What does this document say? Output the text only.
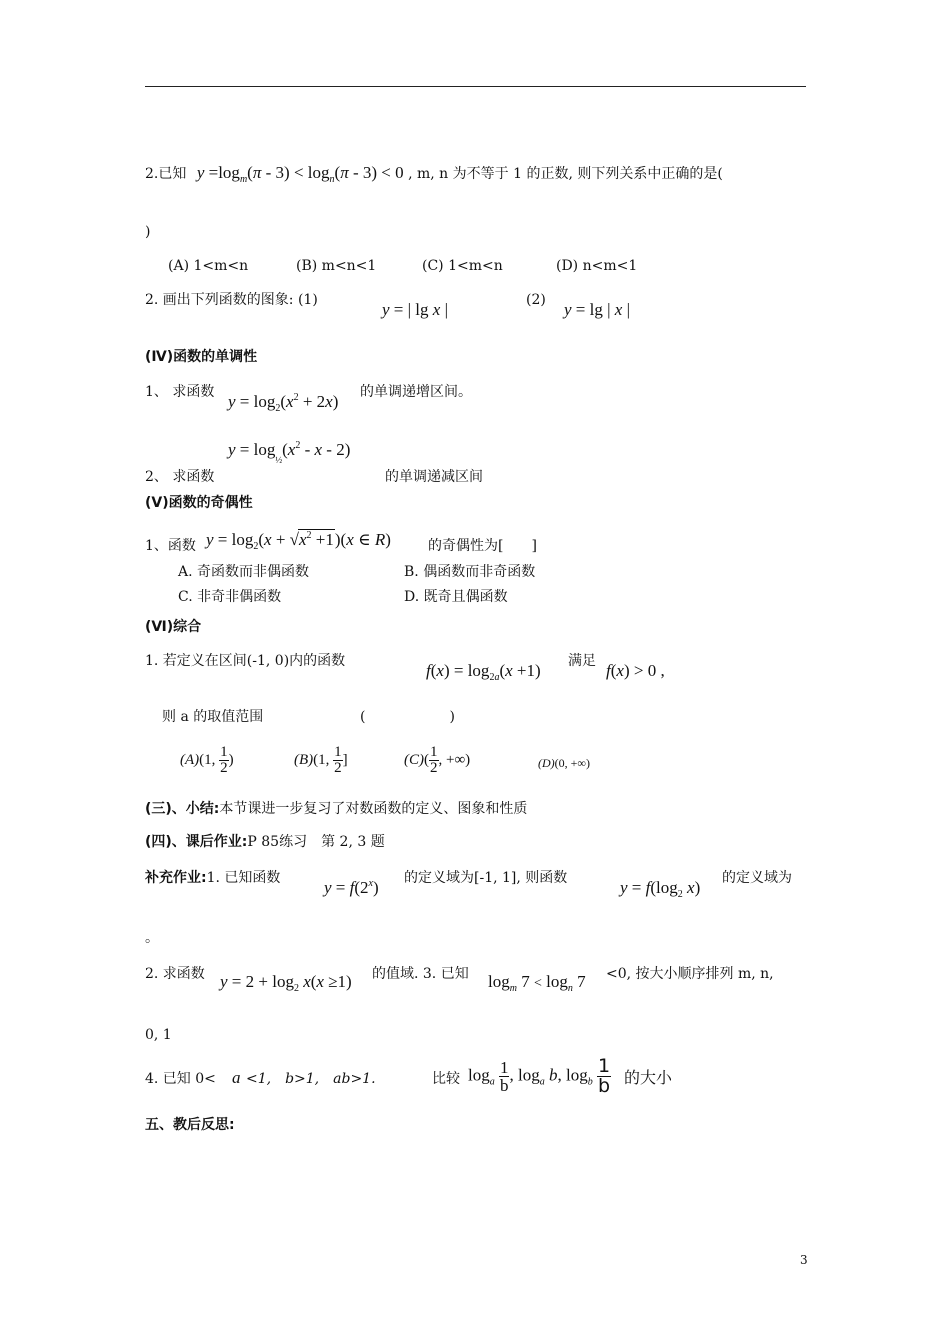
2.已知 $y =\log_m(\pi - 3) < \log_n(\pi - 3) < 0$ , m, n 为不等于 1 的正数, 则下列关系中正确的是(
)
(A) 1<m<n	(B) m<n<1	(C) 1<m<n	(D) n<m<1
2. 画出下列函数的图象: (1)	y = | lg x |	(2) y = lg | x |
(Ⅳ)函数的单调性
1、 求函数 $y = \log_2(x^2 + 2x)$ 的单调递增区间。
$y = \log_{\frac{1}{2}}(x^2 - x - 2)$
2、 求函数	的单调递减区间
(Ⅴ)函数的奇偶性
1、函数 $y = \log_2(x + √x^2 +1)(x$ ∈ R)	的奇偶性为[　　]
A. 奇函数而非偶函数	B. 偶函数而非奇函数
C. 非奇非偶函数	D. 既奇且偶函数
(Ⅵ)综合
1. 若定义在区间(-1, 0)内的函数	$f(x) = \log_{2a}(x +1)$ 满足 f(x) > 0 ,
则 a 的取值范围	(　　　　　　)
(A)(1, $\frac{1}{2}$ )	(B)(1, $\frac{1}{2}$ ]	$(C)( \frac{1}{2}$ , +∞)	(D)(0, +∞)
(三)、小结:本节课进一步复习了对数函数的定义、图象和性质
(四)、课后作业:P 85练习　第 2, 3 题
补充作业:1. 已知函数	$y = f(2^x)$ 的定义域为[-1, 1], 则函数	$y = f(\log_2$ x) 的定义域为
。
2. 求函数 $y = 2 + \log_2 x(x \ge 1)$ 的值域. 3. 已知 $\log_m 7 < \log_n 7 <0$, 按大小顺序排列 m, n,
0, 1
4. 已知 0< a <1,　b>1,　ab>1.	比较 $\log_a \frac{1}{b}$ , $\log_a b$, $\log_b \frac{1}{b}$ 的大小
五、教后反思:
3
